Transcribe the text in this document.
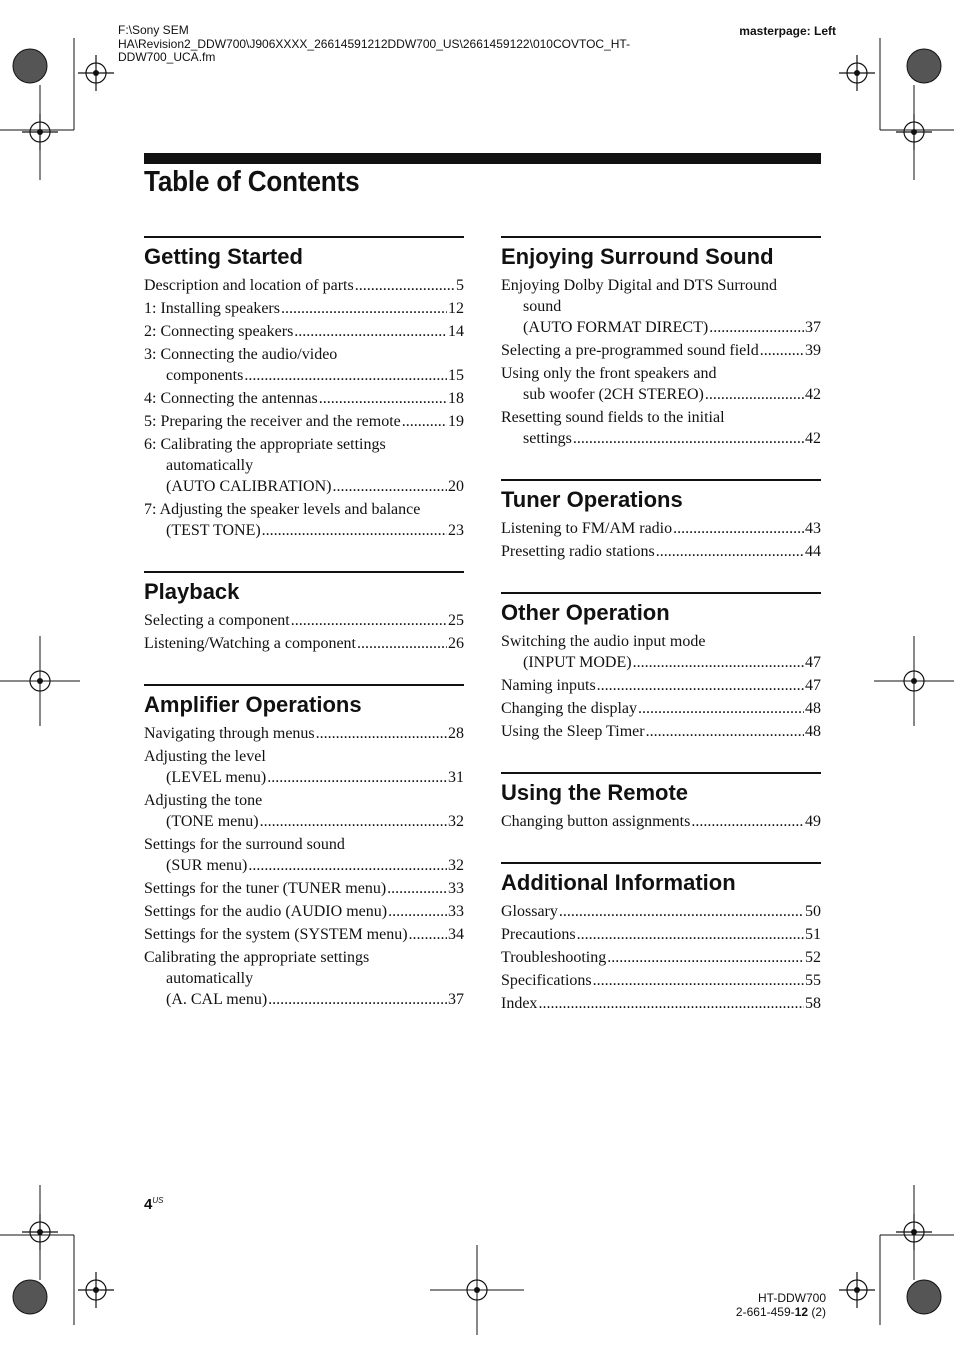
F:\Sony SEM
HA\Revision2_DDW700\J906XXXX_26614591212DDW700_US\2661459122\010COVTOC_HT-
DDW700_UCA.fm
masterpage: Left
Table of Contents
Getting Started
Description and location of parts .....	5
1: Installing speakers .....	12
2: Connecting speakers .....	14
3: Connecting the audio/video
components .....	15
4: Connecting the antennas .....	18
5: Preparing the receiver and the remote .....	19
6: Calibrating the appropriate settings
automatically
(AUTO CALIBRATION) .....	20
7: Adjusting the speaker levels and balance
(TEST TONE) .....	23
Playback
Selecting a component .....	25
Listening/Watching a component .....	26
Amplifier Operations
Navigating through menus .....	28
Adjusting the level
(LEVEL menu) .....	31
Adjusting the tone
(TONE menu) .....	32
Settings for the surround sound
(SUR menu) .....	32
Settings for the tuner (TUNER menu) .....	33
Settings for the audio (AUDIO menu) .....	33
Settings for the system (SYSTEM menu) .....	34
Calibrating the appropriate settings
automatically
(A. CAL menu) .....	37
Enjoying Surround Sound
Enjoying Dolby Digital and DTS Surround
sound
(AUTO FORMAT DIRECT) .....	37
Selecting a pre-programmed sound field .....	39
Using only the front speakers and
sub woofer (2CH STEREO) .....	42
Resetting sound fields to the initial
settings .....	42
Tuner Operations
Listening to FM/AM radio .....	43
Presetting radio stations .....	44
Other Operation
Switching the audio input mode
(INPUT MODE) .....	47
Naming inputs .....	47
Changing the display .....	48
Using the Sleep Timer .....	48
Using the Remote
Changing button assignments .....	49
Additional Information
Glossary .....	50
Precautions .....	51
Troubleshooting .....	52
Specifications .....	55
Index .....	58
$4^{US}$
HT-DDW700
2-661-459-12 (2)
